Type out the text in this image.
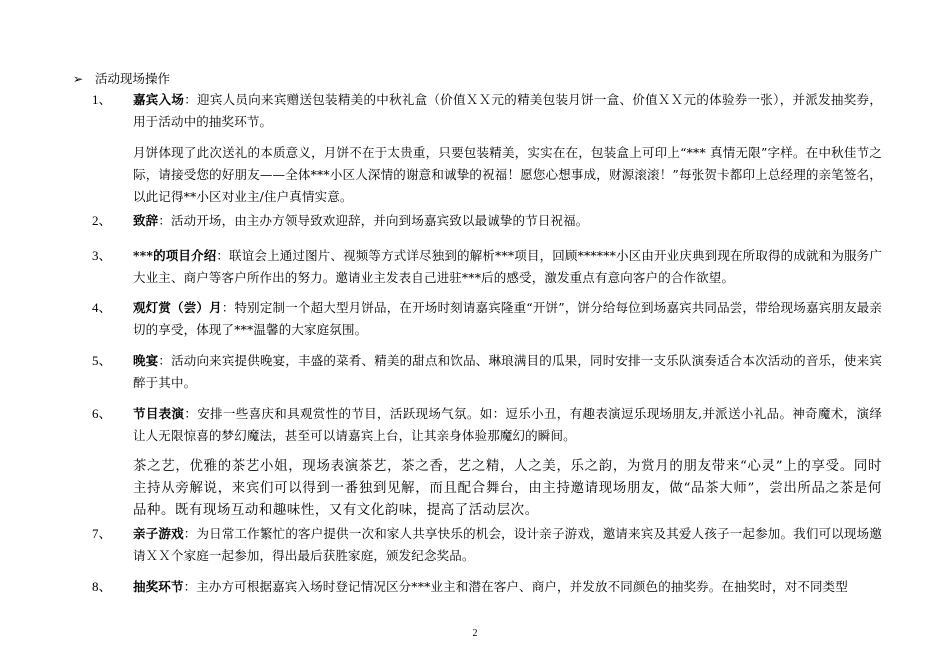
➢ 活动现场操作
1、	嘉宾入场：迎宾人员向来宾赠送包装精美的中秋礼盒（价值ＸＸ元的精美包装月饼一盒、价值ＸＸ元的体验券一张），并派发抽奖券，用于活动中的抽奖环节。
月饼体现了此次送礼的本质意义，月饼不在于太贵重，只要包装精美，实实在在，包装盒上可印上“*** 真情无限”字样。在中秋佳节之际，请接受您的好朋友——全体***小区人深情的谢意和诚挚的祝福！愿您心想事成，财源滚滚！”每张贺卡都印上总经理的亲笔签名，以此记得**小区对业主/住户真情实意。
2、	致辞：活动开场，由主办方领导致欢迎辞，并向到场嘉宾致以最诚挚的节日祝福。
3、	***的项目介绍：联谊会上通过图片、视频等方式详尽独到的解析***项目，回顾******小区由开业庆典到现在所取得的成就和为服务广大业主、商户等客户所作出的努力。邀请业主发表自己进驻***后的感受，激发重点有意向客户的合作欲望。
4、	观灯赏（尝）月：特别定制一个超大型月饼品，在开场时刻请嘉宾隆重“开饼”，饼分给每位到场嘉宾共同品尝，带给现场嘉宾朋友最亲切的享受，体现了***温馨的大家庭氛围。
5、	晚宴：活动向来宾提供晚宴，丰盛的菜肴、精美的甜点和饮品、琳琅满目的瓜果，同时安排一支乐队演奏适合本次活动的音乐，使来宾醉于其中。
6、	节目表演：安排一些喜庆和具观赏性的节目，活跃现场气氛。如：逗乐小丑，有趣表演逗乐现场朋友,并派送小礼品。神奇魔术，演绎让人无限惊喜的梦幻魔法，甚至可以请嘉宾上台，让其亲身体验那魔幻的瞬间。
茶之艺，优雅的茶艺小姐，现场表演茶艺，茶之香，艺之精，人之美，乐之韵，为赏月的朋友带来“心灵”上的享受。同时主持从旁解说，来宾们可以得到一番独到见解，而且配合舞台，由主持邀请现场朋友，做“品茶大师”，尝出所品之茶是何品种。既有现场互动和趣味性，又有文化韵味，提高了活动层次。
7、	亲子游戏：为日常工作繁忙的客户提供一次和家人共享快乐的机会，设计亲子游戏，邀请来宾及其爱人孩子一起参加。我们可以现场邀请ＸＸ个家庭一起参加，得出最后获胜家庭，颁发纪念奖品。
8、	抽奖环节：主办方可根据嘉宾入场时登记情况区分***业主和潜在客户、商户，并发放不同颜色的抽奖券。在抽奖时，对不同类型
2
